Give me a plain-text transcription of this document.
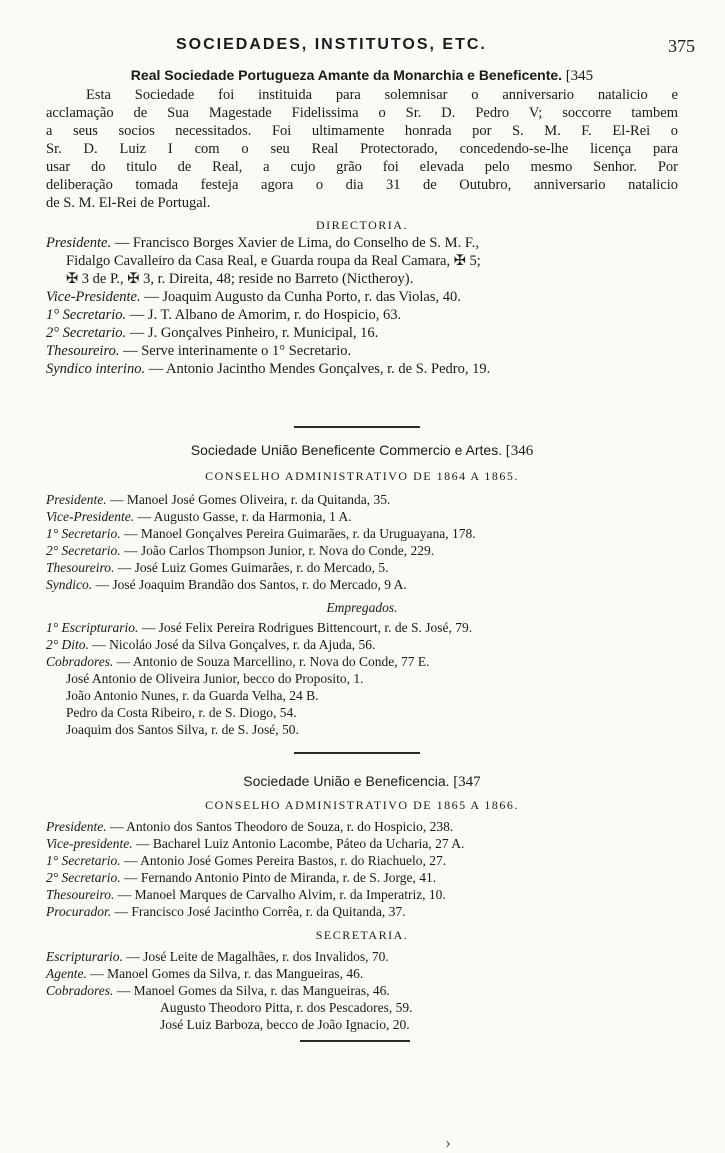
SOCIEDADES, INSTITUTOS, ETC.	375
Real Sociedade Portugueza Amante da Monarchia e Beneficente. [345
Esta Sociedade foi instituida para solemnisar o anniversario natalicio e
acclamação de Sua Magestade Fidelissima o Sr. D. Pedro V; soccorre tambem
a seus socios necessitados. Foi ultimamente honrada por S. M. F. El-Rei o
Sr. D. Luiz I com o seu Real Protectorado, concedendo-se-lhe licença para
usar do titulo de Real, a cujo grão foi elevada pelo mesmo Senhor. Por
deliberação tomada festeja agora o dia 31 de Outubro, anniversario natalicio
de S. M. El-Rei de Portugal.
DIRECTORIA.
Presidente. — Francisco Borges Xavier de Lima, do Conselho de S. M. F.,
Fidalgo Cavalleiro da Casa Real, e Guarda roupa da Real Camara, ✠ 5;
✠ 3 de P., ✠ 3, r. Direita, 48; reside no Barreto (Nictheroy).
Vice-Presidente. — Joaquim Augusto da Cunha Porto, r. das Violas, 40.
1° Secretario. — J. T. Albano de Amorim, r. do Hospicio, 63.
2° Secretario. — J. Gonçalves Pinheiro, r. Municipal, 16.
Thesoureiro. — Serve interinamente o 1° Secretario.
Syndico interino. — Antonio Jacintho Mendes Gonçalves, r. de S. Pedro, 19.
Sociedade União Beneficente Commercio e Artes. [346
CONSELHO ADMINISTRATIVO DE 1864 A 1865.
Presidente. — Manoel José Gomes Oliveira, r. da Quitanda, 35.
Vice-Presidente. — Augusto Gasse, r. da Harmonia, 1 A.
1° Secretario. — Manoel Gonçalves Pereira Guimarães, r. da Uruguayana, 178.
2° Secretario. — João Carlos Thompson Junior, r. Nova do Conde, 229.
Thesoureiro. — José Luiz Gomes Guimarães, r. do Mercado, 5.
Syndico. — José Joaquim Brandão dos Santos, r. do Mercado, 9 A.
Empregados.
1° Escripturario. — José Felix Pereira Rodrigues Bittencourt, r. de S. José, 79.
2° Dito. — Nicoláo José da Silva Gonçalves, r. da Ajuda, 56.
Cobradores. — Antonio de Souza Marcellino, r. Nova do Conde, 77 E.
José Antonio de Oliveira Junior, becco do Proposito, 1.
João Antonio Nunes, r. da Guarda Velha, 24 B.
Pedro da Costa Ribeiro, r. de S. Diogo, 54.
Joaquim dos Santos Silva, r. de S. José, 50.
Sociedade União e Beneficencia. [347
CONSELHO ADMINISTRATIVO DE 1865 A 1866.
Presidente. — Antonio dos Santos Theodoro de Souza, r. do Hospicio, 238.
Vice-presidente. — Bacharel Luiz Antonio Lacombe, Páteo da Ucharia, 27 A.
1° Secretario. — Antonio José Gomes Pereira Bastos, r. do Riachuelo, 27.
2° Secretario. — Fernando Antonio Pinto de Miranda, r. de S. Jorge, 41.
Thesoureiro. — Manoel Marques de Carvalho Alvim, r. da Imperatriz, 10.
Procurador. — Francisco José Jacintho Corrêa, r. da Quitanda, 37.
SECRETARIA.
Escripturario. — José Leite de Magalhães, r. dos Invalidos, 70.
Agente. — Manoel Gomes da Silva, r. das Mangueiras, 46.
Cobradores. — Manoel Gomes da Silva, r. das Mangueiras, 46.
Augusto Theodoro Pitta, r. dos Pescadores, 59.
José Luiz Barboza, becco de João Ignacio, 20.
›
